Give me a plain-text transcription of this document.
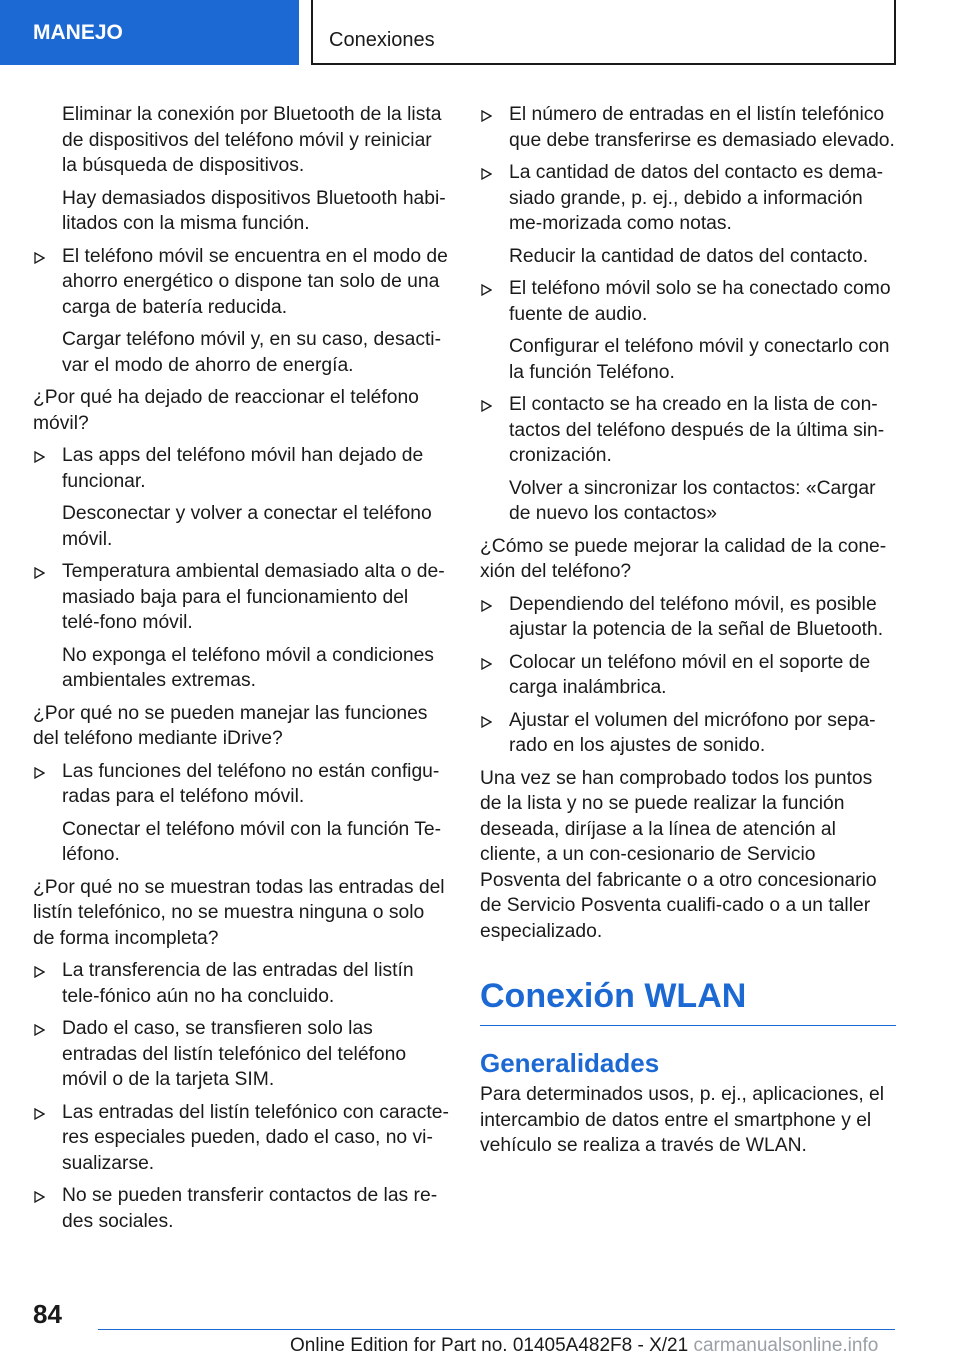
MANEJO	Conexiones
Eliminar la conexión por Bluetooth de la lista de dispositivos del teléfono móvil y reiniciar la búsqueda de dispositivos.
Hay demasiados dispositivos Bluetooth habi-litados con la misma función.
El teléfono móvil se encuentra en el modo de ahorro energético o dispone tan solo de una carga de batería reducida.
Cargar teléfono móvil y, en su caso, desacti-var el modo de ahorro de energía.
¿Por qué ha dejado de reaccionar el teléfono móvil?
Las apps del teléfono móvil han dejado de funcionar.
Desconectar y volver a conectar el teléfono móvil.
Temperatura ambiental demasiado alta o de-masiado baja para el funcionamiento del telé-fono móvil.
No exponga el teléfono móvil a condiciones ambientales extremas.
¿Por qué no se pueden manejar las funciones del teléfono mediante iDrive?
Las funciones del teléfono no están configu-radas para el teléfono móvil.
Conectar el teléfono móvil con la función Te-léfono.
¿Por qué no se muestran todas las entradas del listín telefónico, no se muestra ninguna o solo de forma incompleta?
La transferencia de las entradas del listín tele-fónico aún no ha concluido.
Dado el caso, se transfieren solo las entradas del listín telefónico del teléfono móvil o de la tarjeta SIM.
Las entradas del listín telefónico con caracte-res especiales pueden, dado el caso, no vi-sualizarse.
No se pueden transferir contactos de las re-des sociales.
El número de entradas en el listín telefónico que debe transferirse es demasiado elevado.
La cantidad de datos del contacto es dema-siado grande, p. ej., debido a información me-morizada como notas.
Reducir la cantidad de datos del contacto.
El teléfono móvil solo se ha conectado como fuente de audio.
Configurar el teléfono móvil y conectarlo con la función Teléfono.
El contacto se ha creado en la lista de con-tactos del teléfono después de la última sin-cronización.
Volver a sincronizar los contactos: «Cargar de nuevo los contactos»
¿Cómo se puede mejorar la calidad de la cone-xión del teléfono?
Dependiendo del teléfono móvil, es posible ajustar la potencia de la señal de Bluetooth.
Colocar un teléfono móvil en el soporte de carga inalámbrica.
Ajustar el volumen del micrófono por sepa-rado en los ajustes de sonido.
Una vez se han comprobado todos los puntos de la lista y no se puede realizar la función deseada, diríjase a la línea de atención al cliente, a un con-cesionario de Servicio Posventa del fabricante o a otro concesionario de Servicio Posventa cualifi-cado o a un taller especializado.
Conexión WLAN
Generalidades
Para determinados usos, p. ej., aplicaciones, el intercambio de datos entre el smartphone y el vehículo se realiza a través de WLAN.
84
Online Edition for Part no. 01405A482F8 - X/21 carmanualsonline.info
